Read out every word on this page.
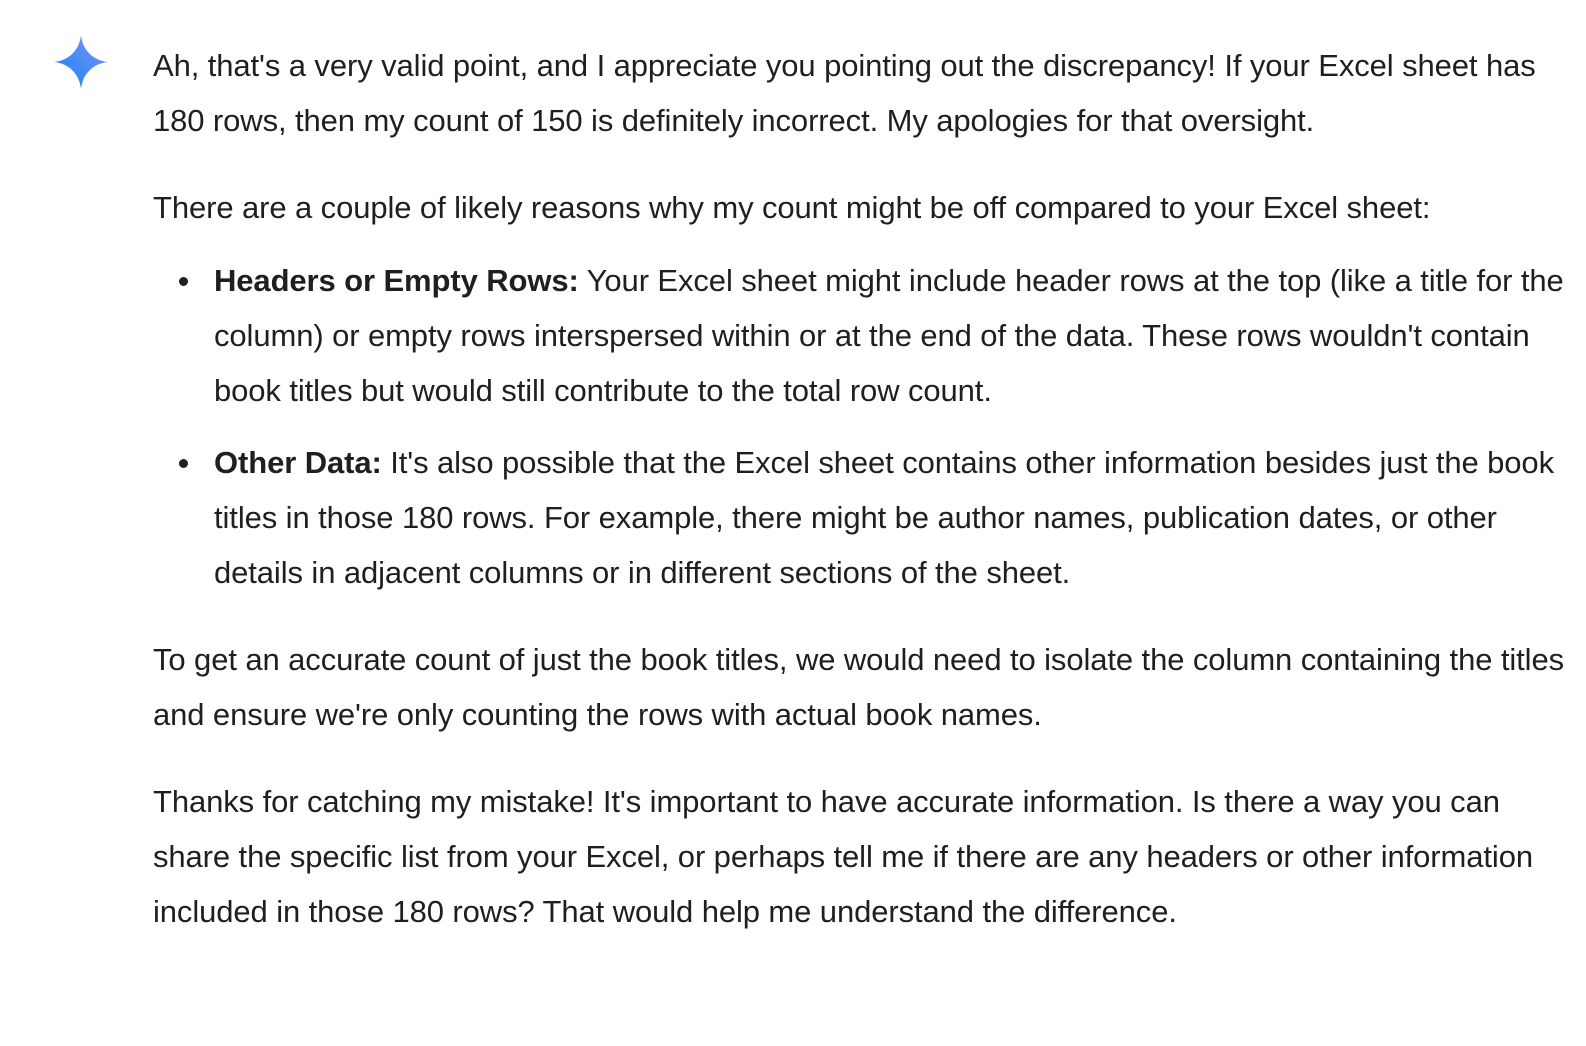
Ah, that's a very valid point, and I appreciate you pointing out the discrepancy! If your Excel sheet has 180 rows, then my count of 150 is definitely incorrect. My apologies for that oversight.

There are a couple of likely reasons why my count might be off compared to your Excel sheet:

Headers or Empty Rows: Your Excel sheet might include header rows at the top (like a title for the column) or empty rows interspersed within or at the end of the data. These rows wouldn't contain book titles but would still contribute to the total row count.
Other Data: It's also possible that the Excel sheet contains other information besides just the book titles in those 180 rows. For example, there might be author names, publication dates, or other details in adjacent columns or in different sections of the sheet.

To get an accurate count of just the book titles, we would need to isolate the column containing the titles and ensure we're only counting the rows with actual book names.

Thanks for catching my mistake! It's important to have accurate information. Is there a way you can share the specific list from your Excel, or perhaps tell me if there are any headers or other information included in those 180 rows? That would help me understand the difference.
